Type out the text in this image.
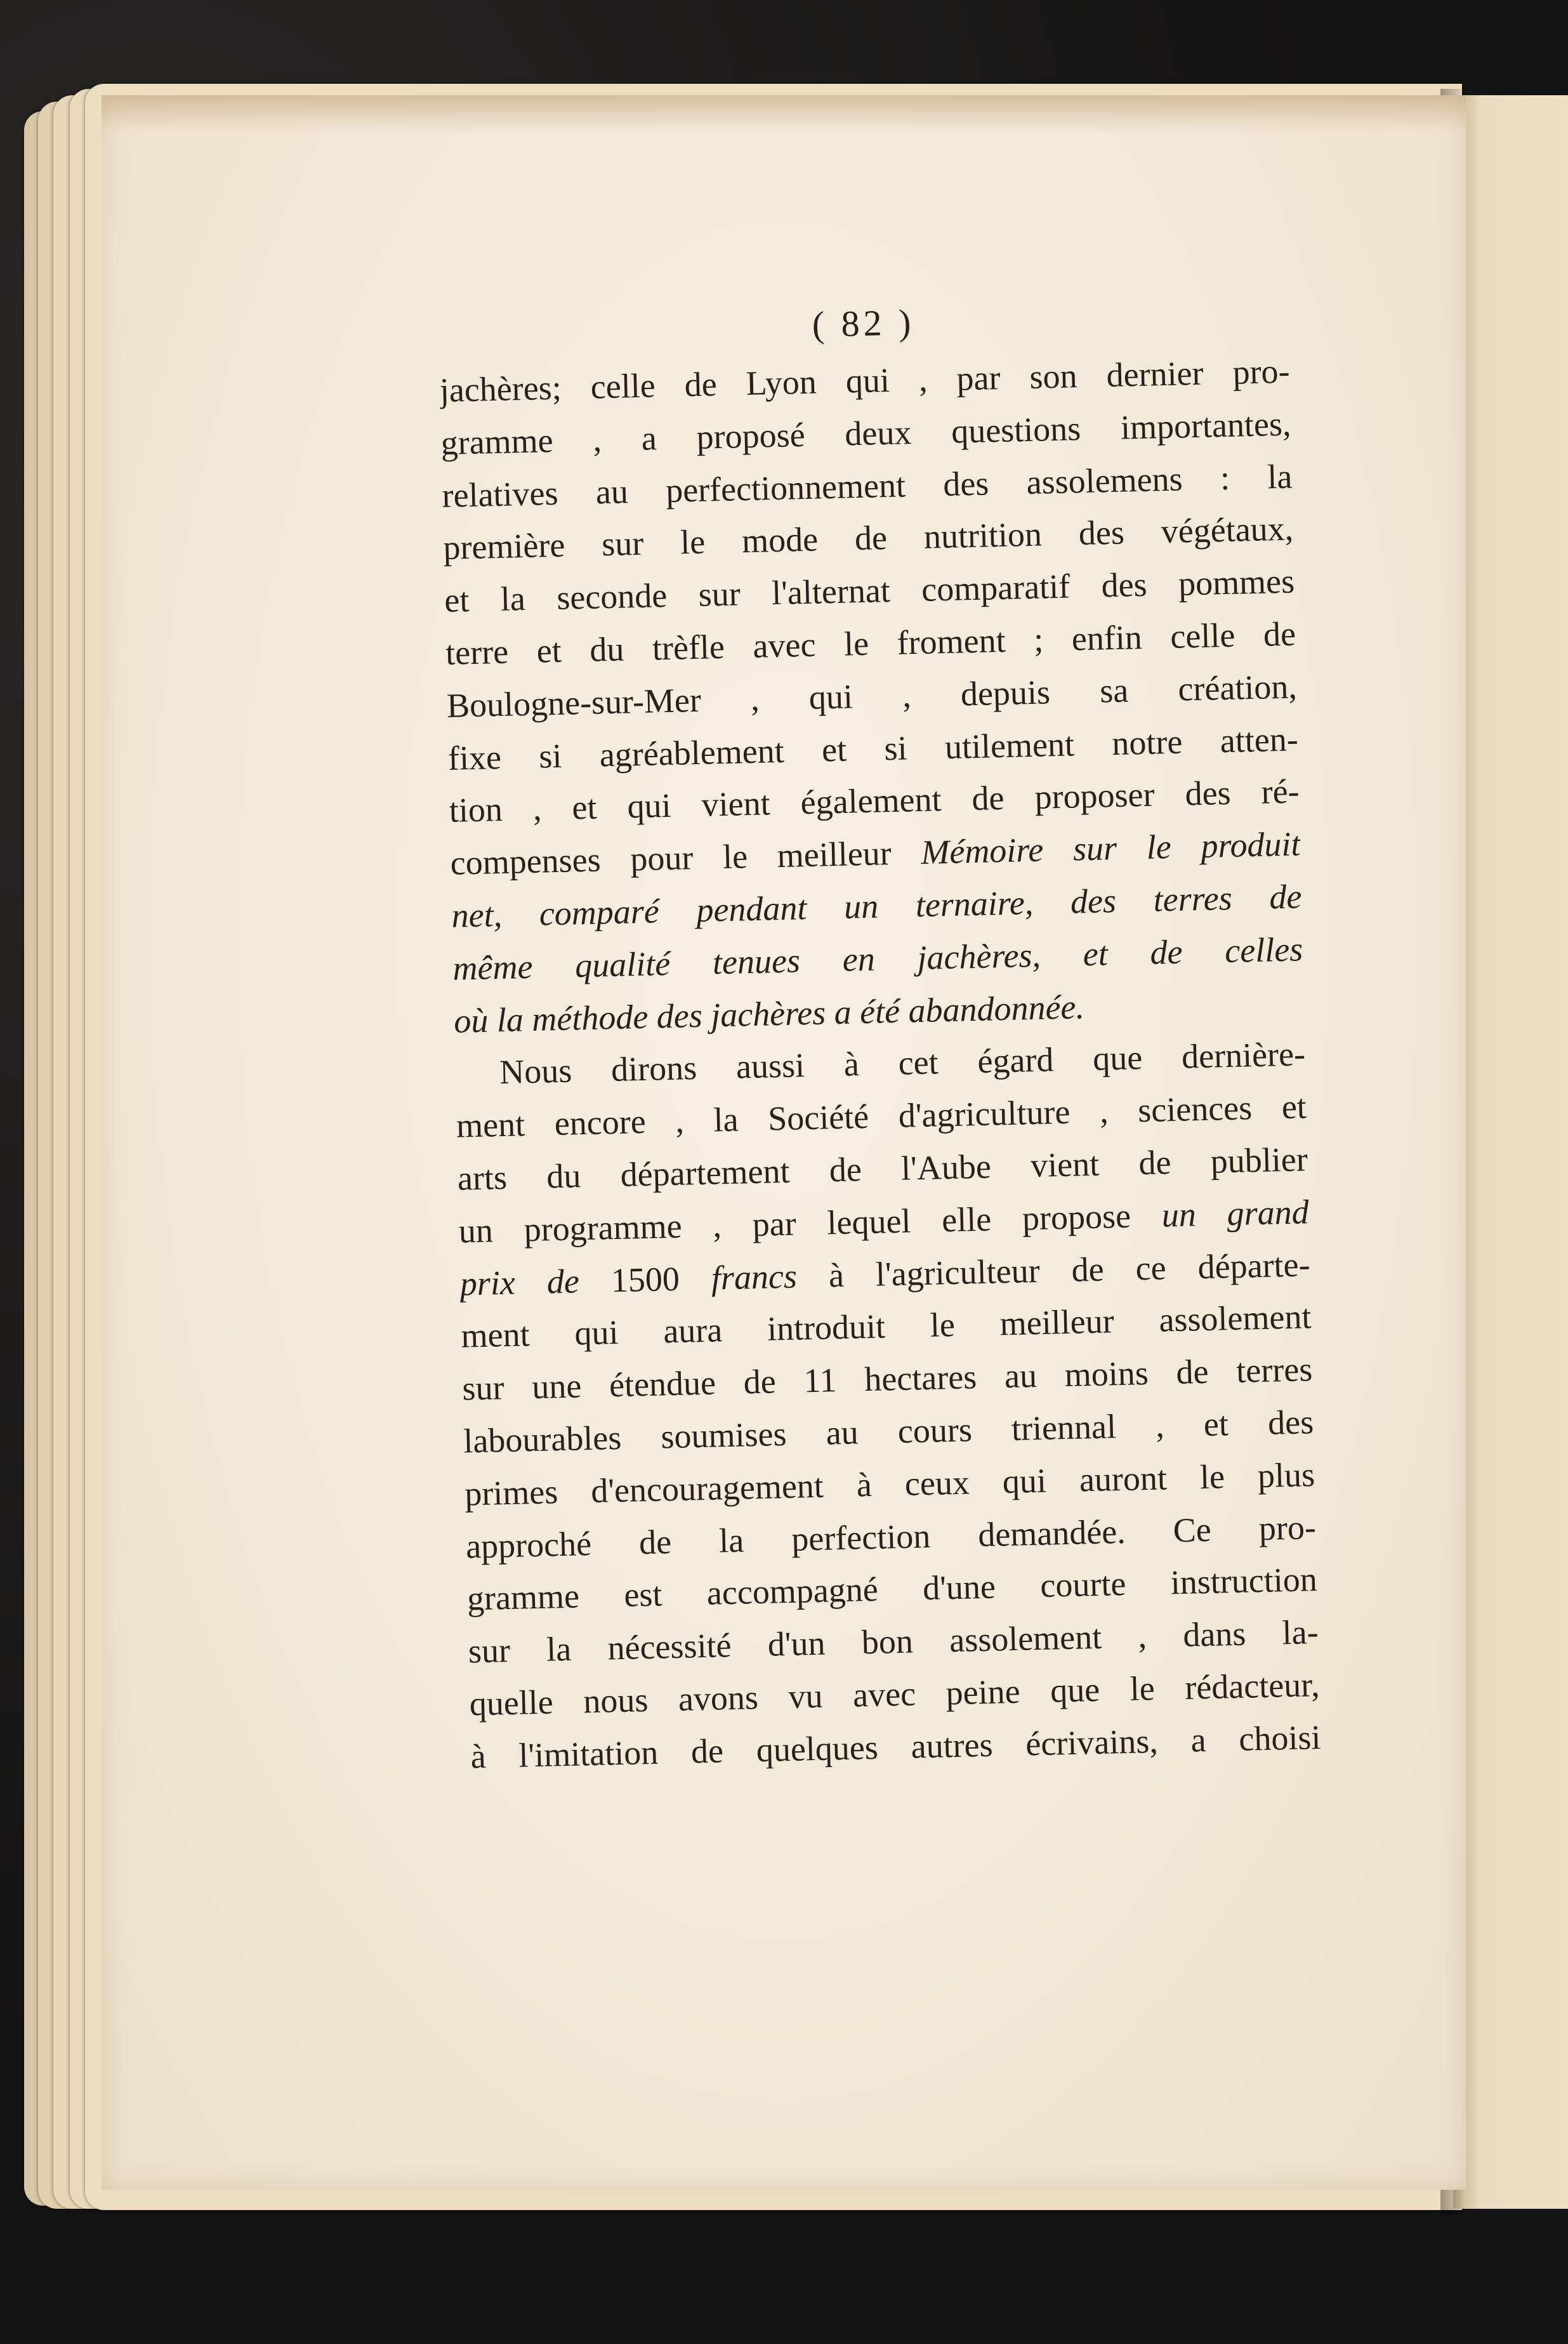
( 82 )
jachères; celle de Lyon qui , par son dernier pro-
gramme , a proposé deux questions importantes,
relatives au perfectionnement des assolemens : la
première sur le mode de nutrition des végétaux,
et la seconde sur l'alternat comparatif des pommes
terre et du trèfle avec le froment ; enfin celle de
Boulogne-sur-Mer , qui , depuis sa création,
fixe si agréablement et si utilement notre atten-
tion , et qui vient également de proposer des ré-
compenses pour le meilleur Mémoire sur le produit
net, comparé pendant un ternaire, des terres de
même qualité tenues en jachères, et de celles
où la méthode des jachères a été abandonnée.
Nous dirons aussi à cet égard que dernière-
ment encore , la Société d'agriculture , sciences et
arts du département de l'Aube vient de publier
un programme , par lequel elle propose un grand
prix de 1500 francs à l'agriculteur de ce départe-
ment qui aura introduit le meilleur assolement
sur une étendue de 11 hectares au moins de terres
labourables soumises au cours triennal , et des
primes d'encouragement à ceux qui auront le plus
approché de la perfection demandée. Ce pro-
gramme est accompagné d'une courte instruction
sur la nécessité d'un bon assolement , dans la-
quelle nous avons vu avec peine que le rédacteur,
à l'imitation de quelques autres écrivains, a choisi
